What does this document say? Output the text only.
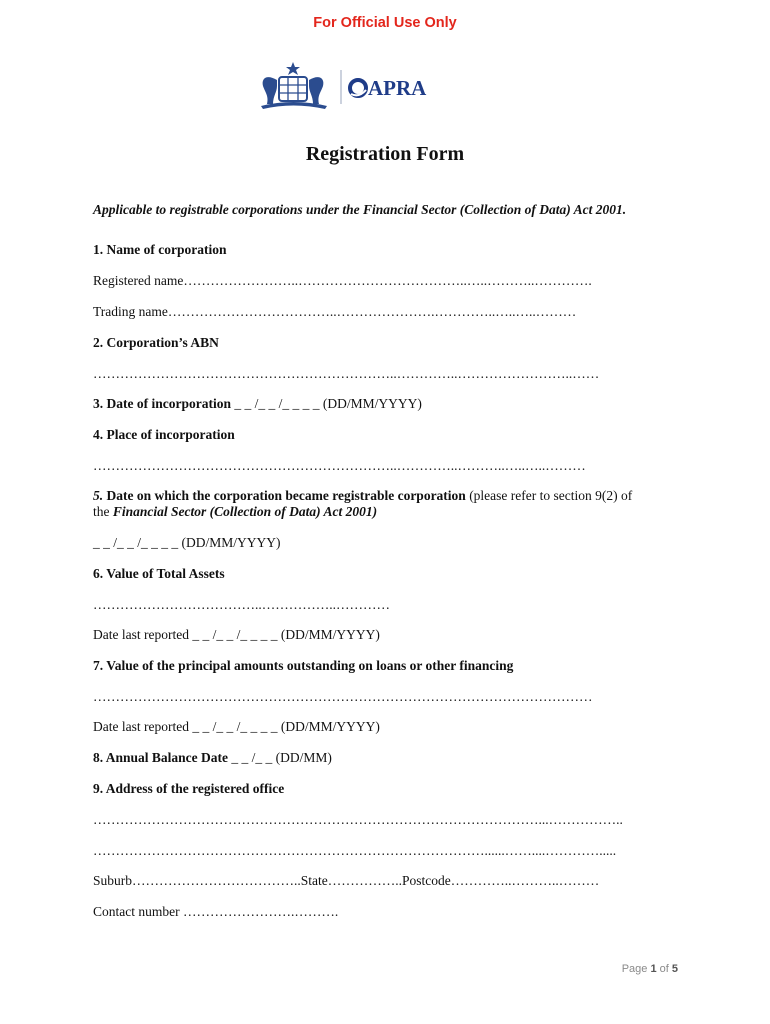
For Official Use Only
APRA
Registration Form
Applicable to registrable corporations under the Financial Sector (Collection of Data) Act 2001.
1. Name of corporation
Registered name……………………..………………………………..…..………..………….
Trading name………………………………..………………….…………..…..…..………
2. Corporation’s ABN
…………………………………………………………..…………..……………………..……
3. Date of incorporation _ _ /_ _ /_ _ _ _ (DD/MM/YYYY)
4. Place of incorporation
…………………………………………………………..…………..………..…..…..………
5. Date on which the corporation became registrable corporation (please refer to section 9(2) of
the Financial Sector (Collection of Data) Act 2001)
_ _ /_ _ /_ _ _ _ (DD/MM/YYYY)
6. Value of Total Assets
………………………………..……………..…………
Date last reported _ _ /_ _ /_ _ _ _ (DD/MM/YYYY)
7. Value of the principal amounts outstanding on loans or other financing
…………………………………………………………………………………………………
Date last reported _ _ /_ _ /_ _ _ _ (DD/MM/YYYY)
8. Annual Balance Date _ _ /_ _ (DD/MM)
9. Address of the registered office
………………………………………………………………………………………...……………..
……………………………………………………………………………......……....………….....
Suburb………………………………..State……………..Postcode…………..………..………
Contact number …………………….……….
Page 1 of 5
